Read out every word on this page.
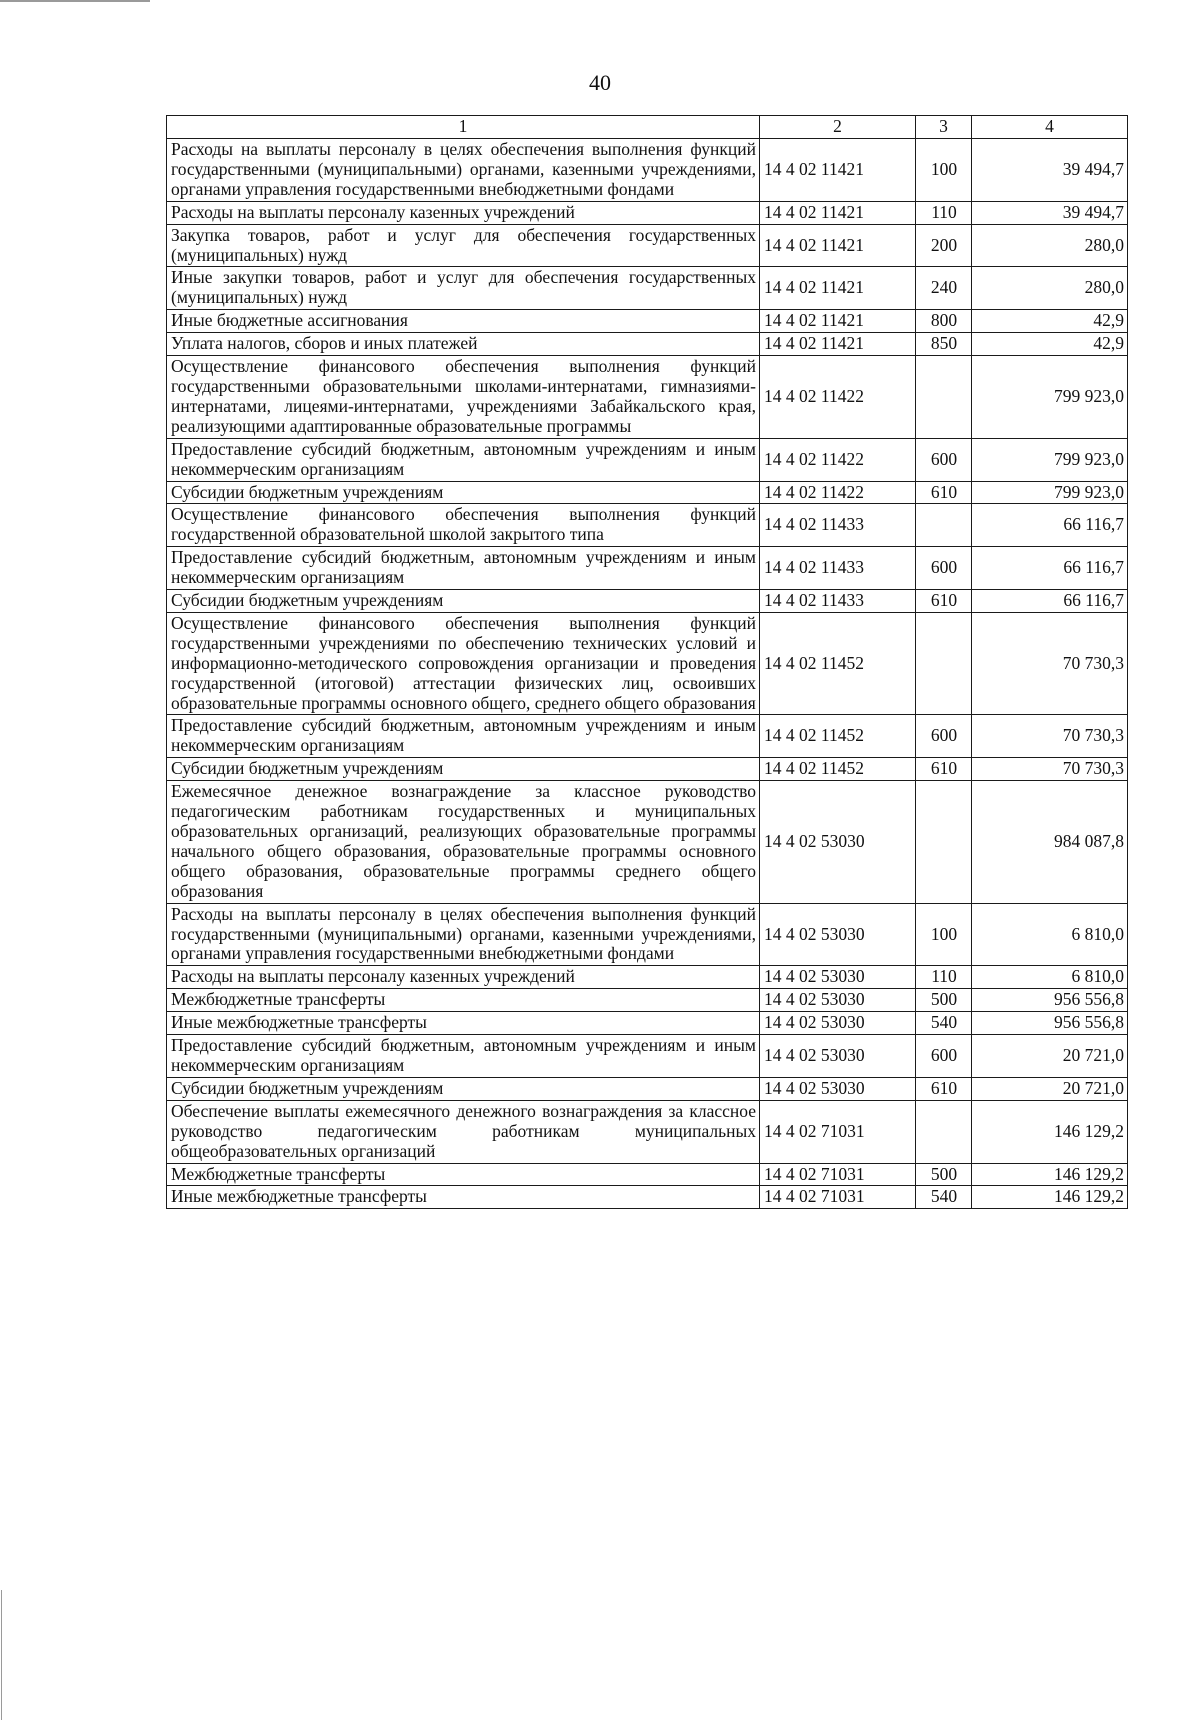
40
1	2	3	4
Расходы на выплаты персоналу в целях обеспечения выполнения функций государственными (муниципальными) органами, казенными учреждениями, органами управления государственными внебюджетными фондами	14 4 02 11421	100	39 494,7
Расходы на выплаты персоналу казенных учреждений	14 4 02 11421	110	39 494,7
Закупка товаров, работ и услуг для обеспечения государственных (муниципальных) нужд	14 4 02 11421	200	280,0
Иные закупки товаров, работ и услуг для обеспечения государственных (муниципальных) нужд	14 4 02 11421	240	280,0
Иные бюджетные ассигнования	14 4 02 11421	800	42,9
Уплата налогов, сборов и иных платежей	14 4 02 11421	850	42,9
Осуществление финансового обеспечения выполнения функций государственными образовательными школами-интернатами, гимназиями-интернатами, лицеями-интернатами, учреждениями Забайкальского края, реализующими адаптированные образовательные программы	14 4 02 11422		799 923,0
Предоставление субсидий бюджетным, автономным учреждениям и иным некоммерческим организациям	14 4 02 11422	600	799 923,0
Субсидии бюджетным учреждениям	14 4 02 11422	610	799 923,0
Осуществление финансового обеспечения выполнения функций государственной образовательной школой закрытого типа	14 4 02 11433		66 116,7
Предоставление субсидий бюджетным, автономным учреждениям и иным некоммерческим организациям	14 4 02 11433	600	66 116,7
Субсидии бюджетным учреждениям	14 4 02 11433	610	66 116,7
Осуществление финансового обеспечения выполнения функций государственными учреждениями по обеспечению технических условий и информационно-методического сопровождения организации и проведения государственной (итоговой) аттестации физических лиц, освоивших образовательные программы основного общего, среднего общего образования	14 4 02 11452		70 730,3
Предоставление субсидий бюджетным, автономным учреждениям и иным некоммерческим организациям	14 4 02 11452	600	70 730,3
Субсидии бюджетным учреждениям	14 4 02 11452	610	70 730,3
Ежемесячное денежное вознаграждение за классное руководство педагогическим работникам государственных и муниципальных образовательных организаций, реализующих образовательные программы начального общего образования, образовательные программы основного общего образования, образовательные программы среднего общего образования	14 4 02 53030		984 087,8
Расходы на выплаты персоналу в целях обеспечения выполнения функций государственными (муниципальными) органами, казенными учреждениями, органами управления государственными внебюджетными фондами	14 4 02 53030	100	6 810,0
Расходы на выплаты персоналу казенных учреждений	14 4 02 53030	110	6 810,0
Межбюджетные трансферты	14 4 02 53030	500	956 556,8
Иные межбюджетные трансферты	14 4 02 53030	540	956 556,8
Предоставление субсидий бюджетным, автономным учреждениям и иным некоммерческим организациям	14 4 02 53030	600	20 721,0
Субсидии бюджетным учреждениям	14 4 02 53030	610	20 721,0
Обеспечение выплаты ежемесячного денежного вознаграждения за классное руководство педагогическим работникам муниципальных общеобразовательных организаций	14 4 02 71031		146 129,2
Межбюджетные трансферты	14 4 02 71031	500	146 129,2
Иные межбюджетные трансферты	14 4 02 71031	540	146 129,2
